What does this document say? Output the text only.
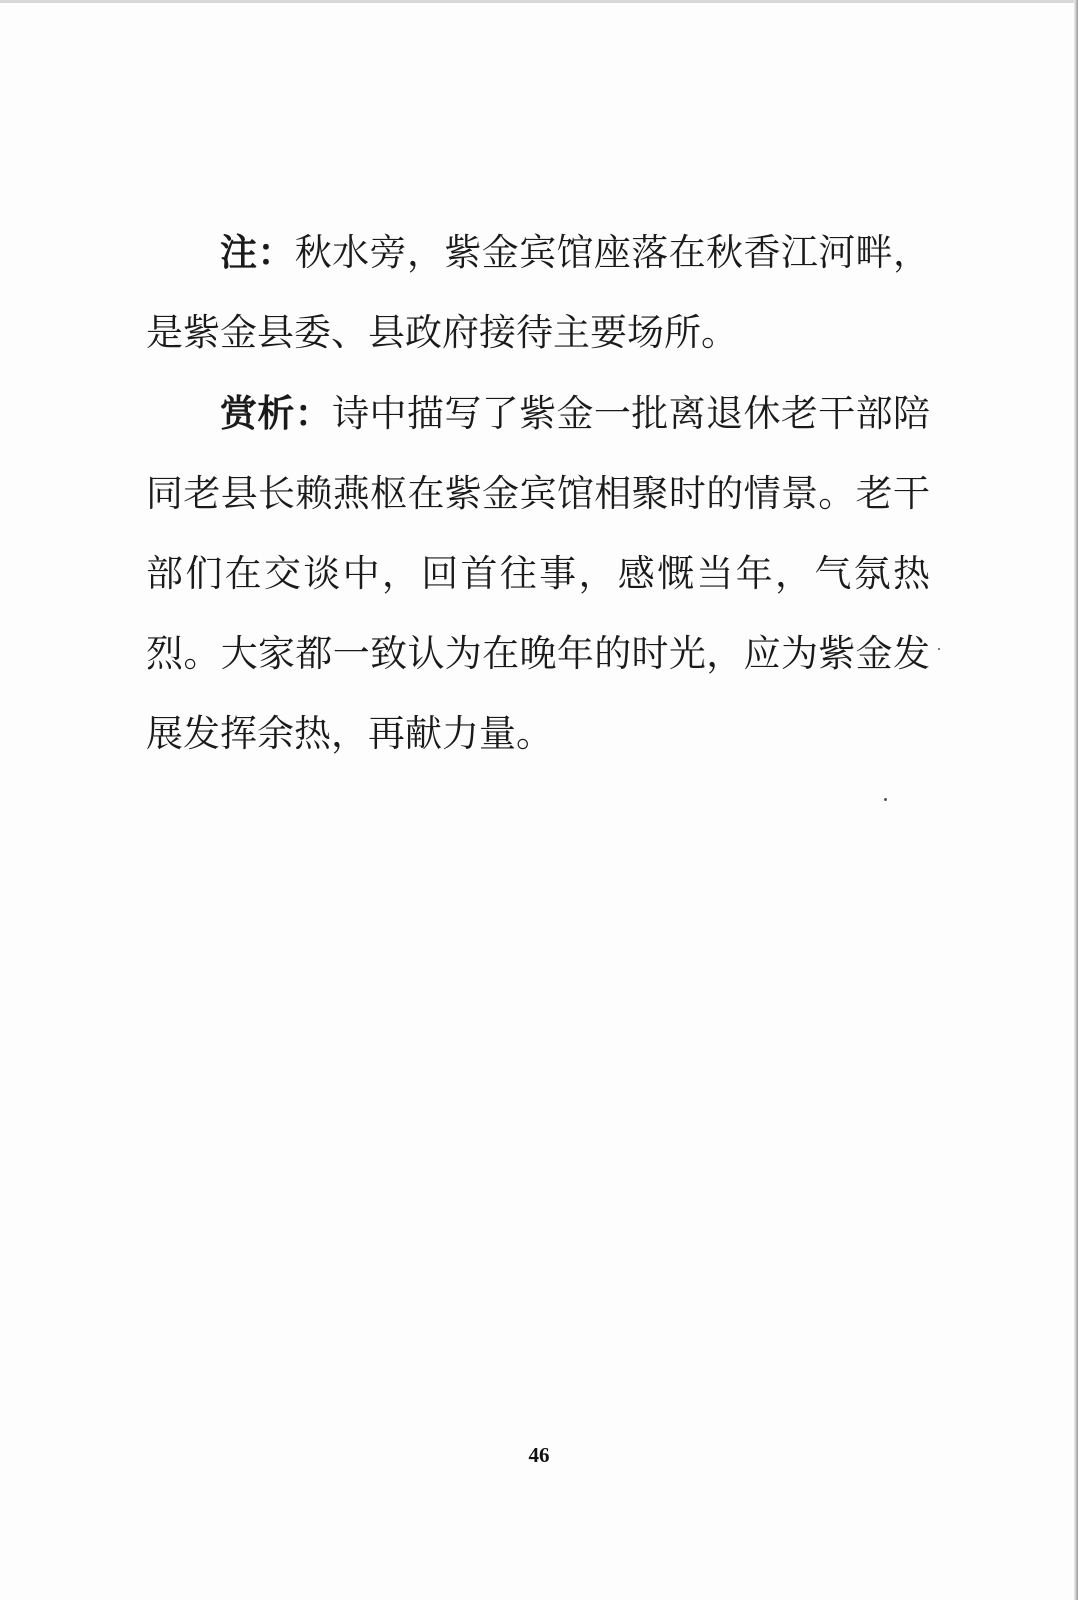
注：秋水旁，紫金宾馆座落在秋香江河畔，是紫金县委、县政府接待主要场所。

赏析：诗中描写了紫金一批离退休老干部陪同老县长赖燕枢在紫金宾馆相聚时的情景。老干部们在交谈中，回首往事，感慨当年，气氛热烈。大家都一致认为在晚年的时光，应为紫金发展发挥余热，再献力量。

46
